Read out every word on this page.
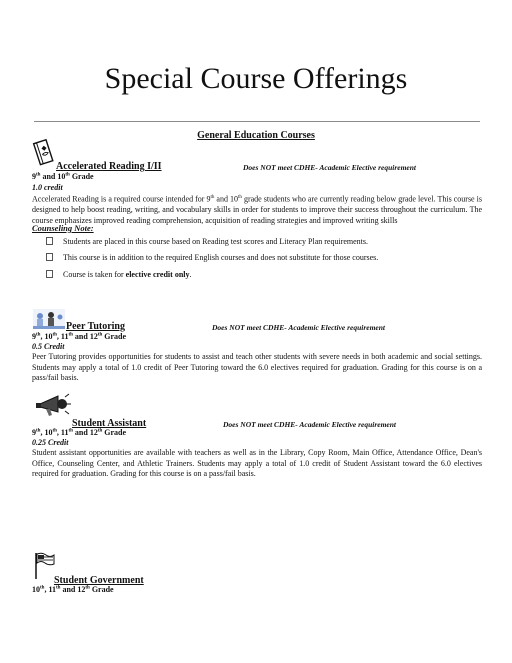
Special Course Offerings
General Education Courses
Accelerated Reading I/II	Does NOT meet CDHE- Academic Elective requirement
9th and 10th Grade
1.0 credit
Accelerated Reading is a required course intended for 9th and 10th grade students who are currently reading below grade level. This course is designed to help boost reading, writing, and vocabulary skills in order for students to improve their success throughout the curriculum. The course emphasizes improved reading comprehension, acquisition of reading strategies and improved writing skills
Counseling Note:
Students are placed in this course based on Reading test scores and Literacy Plan requirements.
This course is in addition to the required English courses and does not substitute for those courses.
Course is taken for elective credit only.
Peer Tutoring	Does NOT meet CDHE- Academic Elective requirement
9th, 10th, 11th and 12th Grade
0.5 Credit
Peer Tutoring provides opportunities for students to assist and teach other students with severe needs in both academic and social settings. Students may apply a total of 1.0 credit of Peer Tutoring toward the 6.0 electives required for graduation. Grading for this course is on a pass/fail basis.
Student Assistant	Does NOT meet CDHE- Academic Elective requirement
9th, 10th, 11th and 12th Grade
0.25 Credit
Student assistant opportunities are available with teachers as well as in the Library, Copy Room, Main Office, Attendance Office, Dean's Office, Counseling Center, and Athletic Trainers. Students may apply a total of 1.0 credit of Student Assistant toward the 6.0 electives required for graduation. Grading for this course is on a pass/fail basis.
Student Government
10th, 11th and 12th Grade
